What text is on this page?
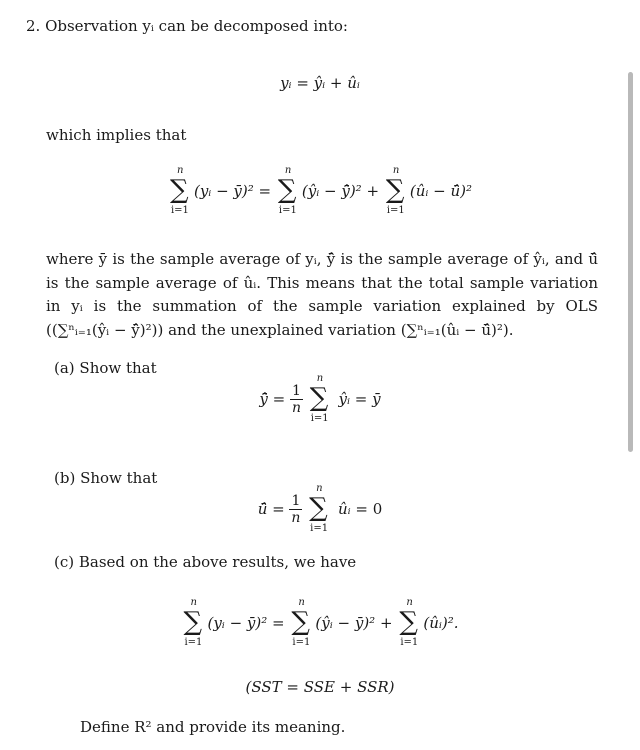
2. Observation yᵢ can be decomposed into:
yᵢ = ŷᵢ + ûᵢ
which implies that
n
∑
i=1
(yᵢ − ȳ)² =
n
∑
i=1
(ŷᵢ − ȳ̂)² +
n
∑
i=1
(ûᵢ − ū̂)²
where ȳ is the sample average of yᵢ, ȳ̂ is the sample average of ŷᵢ, and ū̂ is the sample average of ûᵢ. This means that the total sample variation in yᵢ is the summation of the sample variation explained by OLS ((∑ⁿᵢ₌₁(ŷᵢ − ȳ̂)²)) and the unexplained variation (∑ⁿᵢ₌₁(ûᵢ − ū̂)²).
(a) Show that
ȳ̂ = $\frac{1}{n}$

n
∑
i=1
ŷᵢ = ȳ
(b) Show that
ū̂ = $\frac{1}{n}$

n
∑
i=1
ûᵢ = 0
(c) Based on the above results, we have
n
∑
i=1
(yᵢ − ȳ)² =
n
∑
i=1
(ŷᵢ − ȳ)² +
n
∑
i=1
(ûᵢ)².
(SST = SSE + SSR)
Define R² and provide its meaning.
